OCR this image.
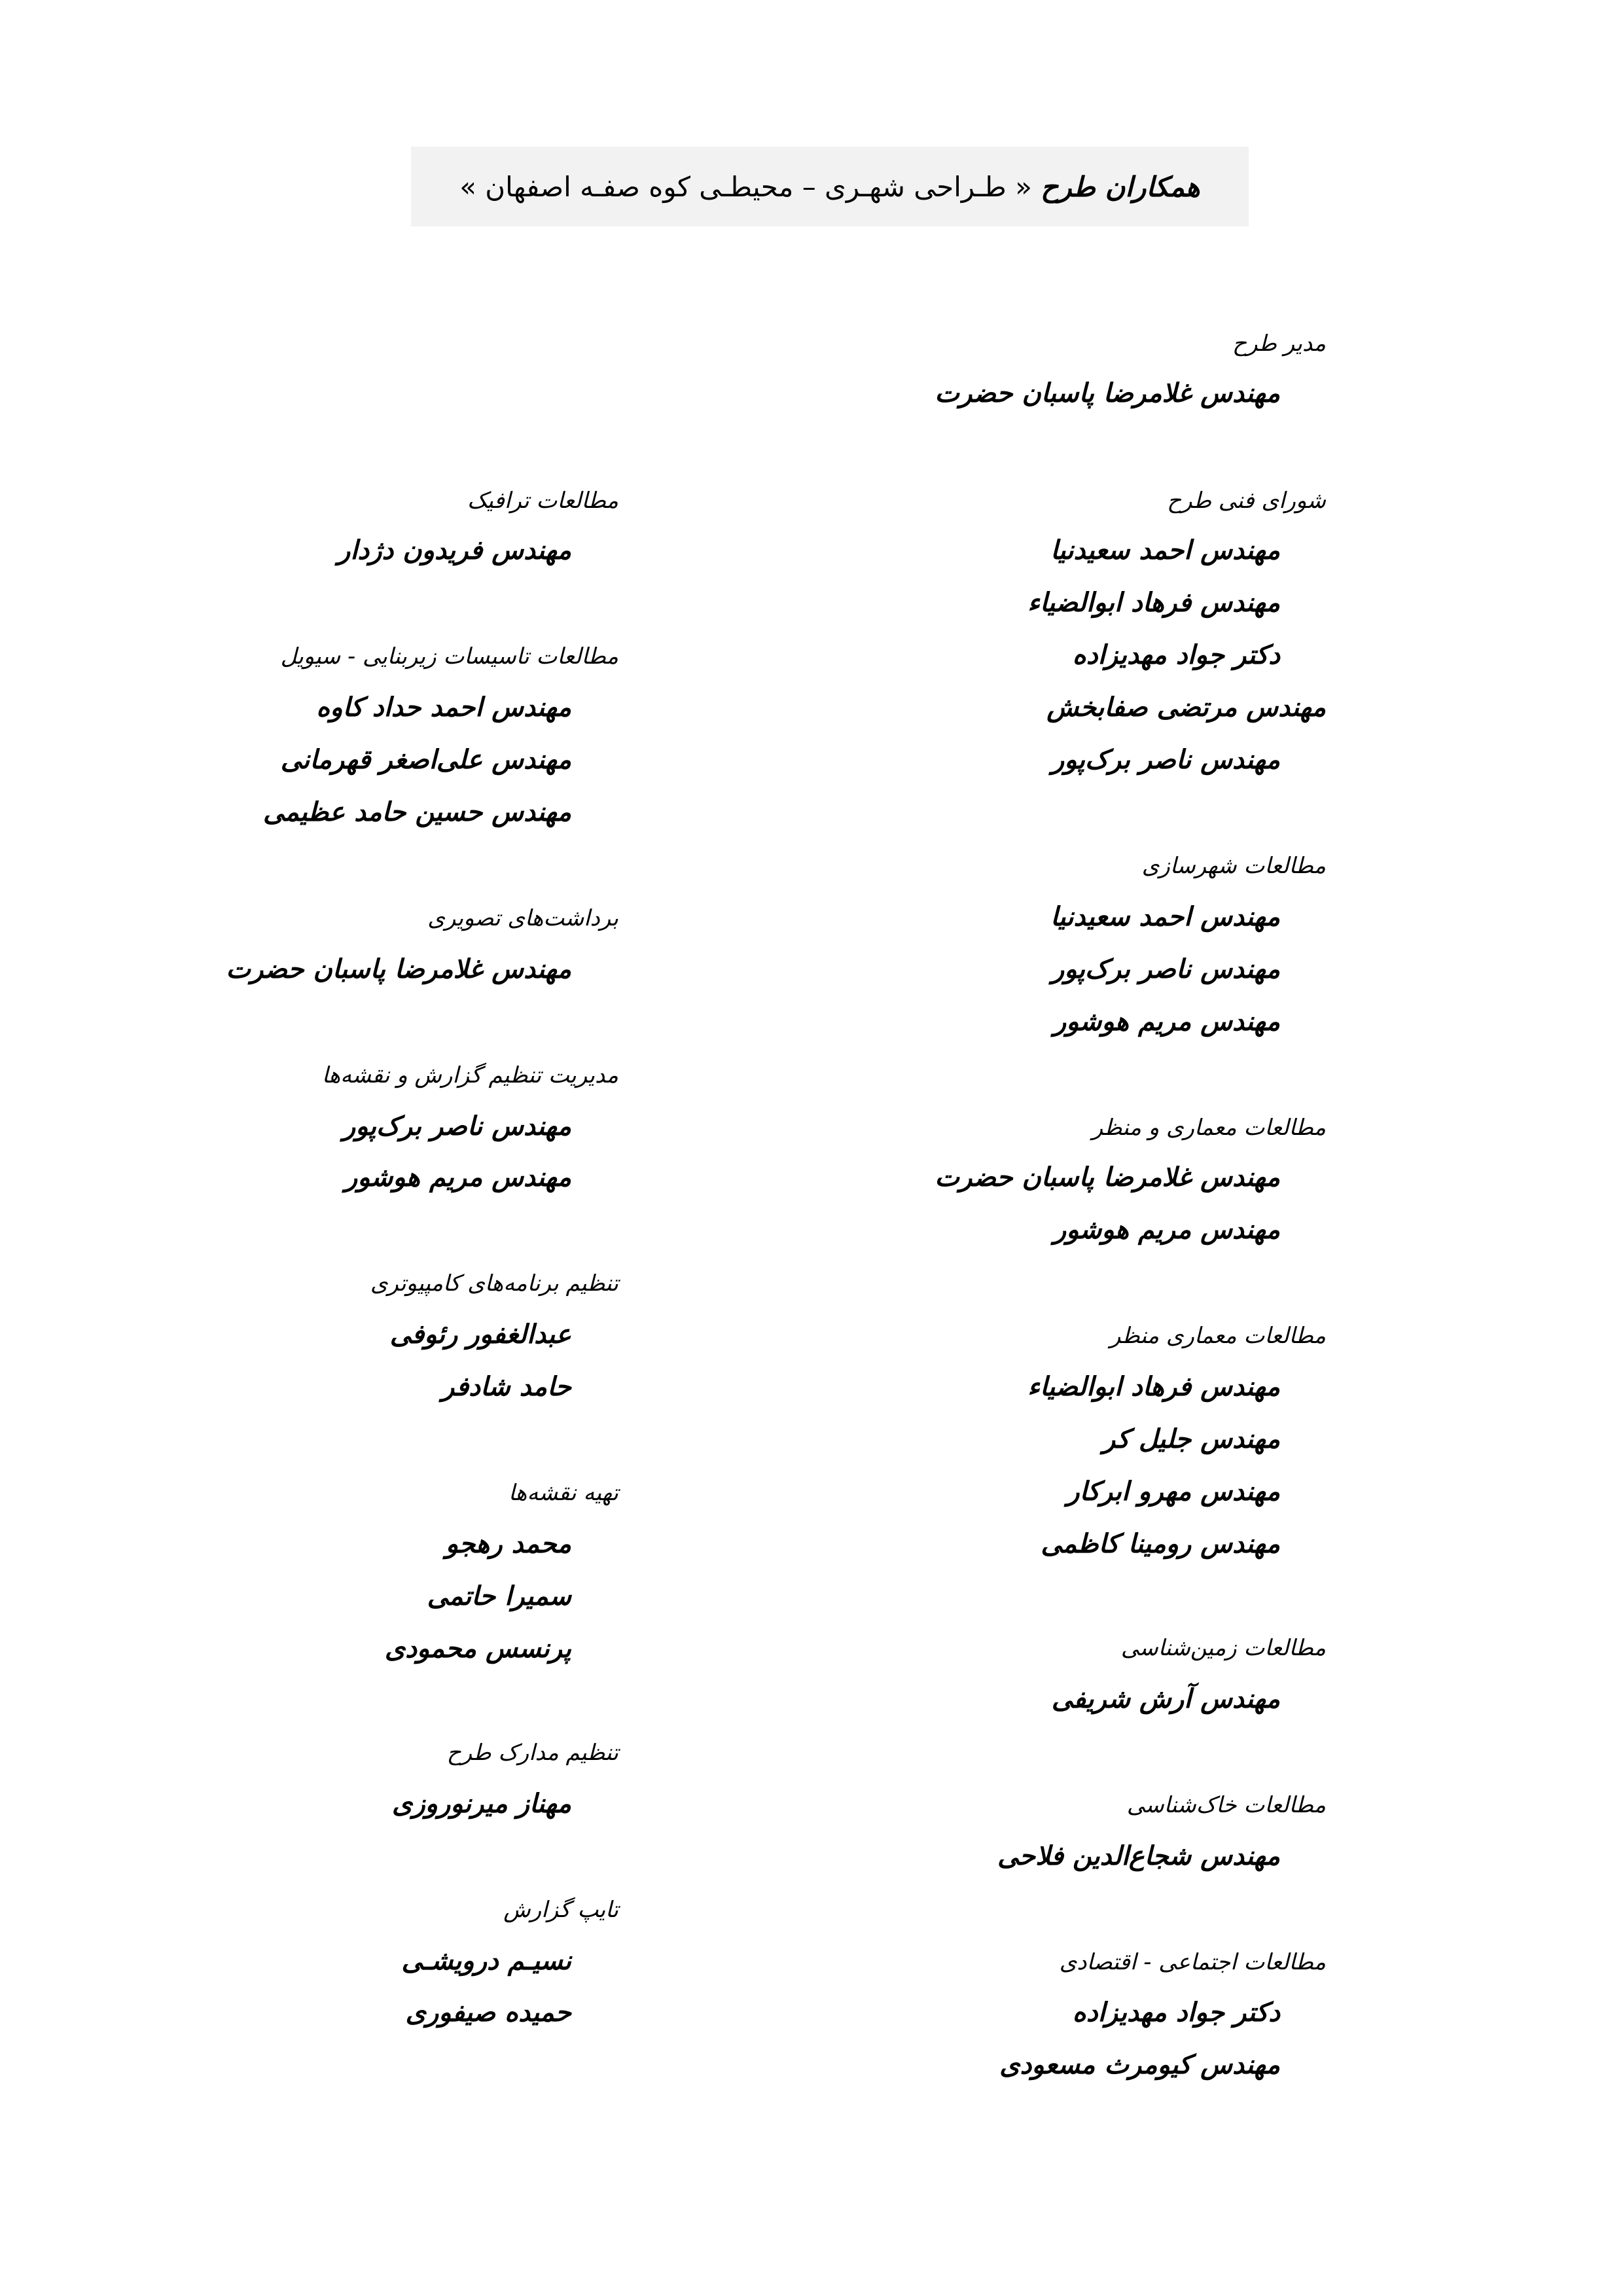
همکاران طرح « طـراحی شهـری – محیطـی کوه صفـه اصفهان »
مدیر طرح
مهندس غلامرضا پاسبان حضرت
شورای فنی طرح
مهندس احمد سعیدنیا
مهندس فرهاد ابوالضیاء
دکتر جواد مهدیزاده
مهندس مرتضی صفابخش
مهندس ناصر برک‌پور
مطالعات شهرسازی
مهندس احمد سعیدنیا
مهندس ناصر برک‌پور
مهندس مریم هوشور
مطالعات معماری و منظر
مهندس غلامرضا پاسبان حضرت
مهندس مریم هوشور
مطالعات معماری منظر
مهندس فرهاد ابوالضیاء
مهندس جلیل کر
مهندس مهرو ابرکار
مهندس رومینا کاظمی
مطالعات زمین‌شناسی
مهندس آرش شریفی
مطالعات خاک‌شناسی
مهندس شجاع‌الدین فلاحی
مطالعات اجتماعی - اقتصادی
دکتر جواد مهدیزاده
مهندس کیومرث مسعودی
مطالعات ترافیک
مهندس فریدون دژدار
مطالعات تاسیسات زیربنایی - سیویل
مهندس احمد حداد کاوه
مهندس علی‌اصغر قهرمانی
مهندس حسین حامد عظیمی
برداشت‌های تصویری
مهندس غلامرضا پاسبان حضرت
مدیریت تنظیم گزارش و نقشه‌ها
مهندس ناصر برک‌پور
مهندس مریم هوشور
تنظیم برنامه‌های کامپیوتری
عبدالغفور رئوفی
حامد شادفر
تهیه نقشه‌ها
محمد رهجو
سمیرا حاتمی
پرنسس محمودی
تنظیم مدارک طرح
مهناز میرنوروزی
تایپ گزارش
نسیـم درویشـی
حمیده صیفوری
